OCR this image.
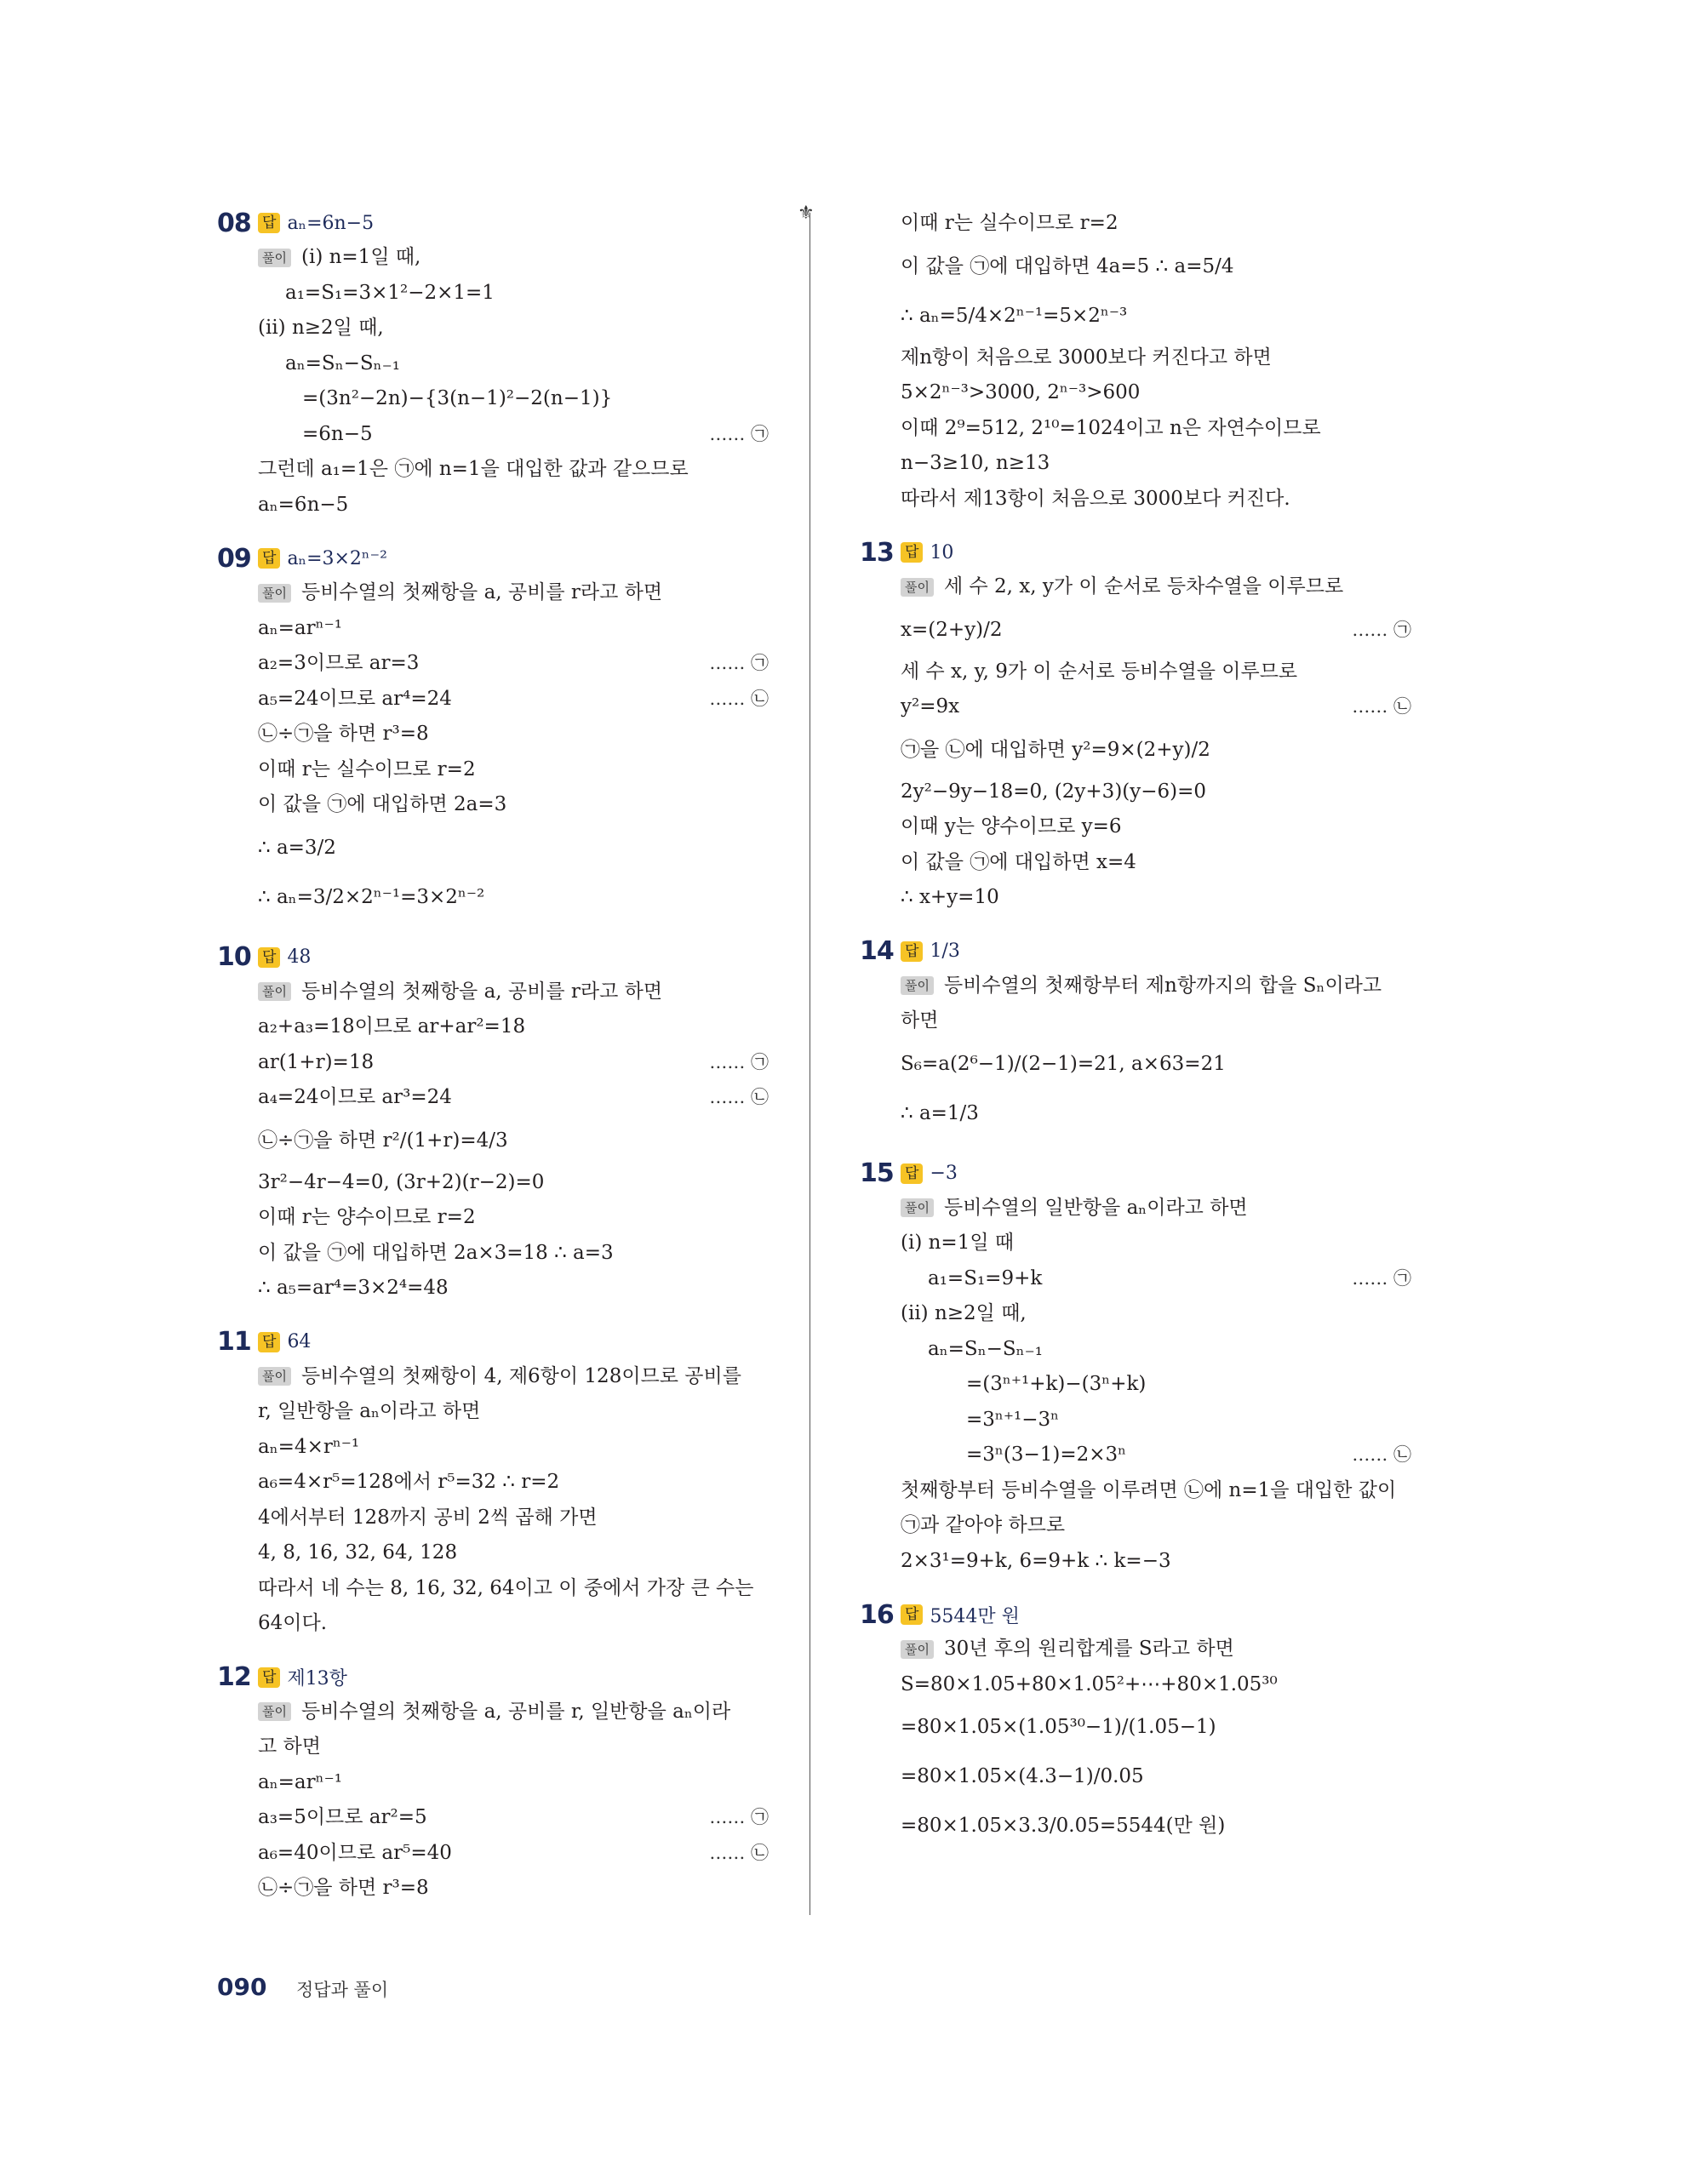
⚜
08 답 aₙ=6n−5
풀이 (ⅰ) n=1일 때,
a₁=S₁=3×1²−2×1=1
(ⅱ) n≥2일 때,
aₙ=Sₙ−Sₙ₋₁
=(3n²−2n)−{3(n−1)²−2(n−1)}
=6n−5	…… ㉠
그런데 a₁=1은 ㉠에 n=1을 대입한 값과 같으므로
aₙ=6n−5
09 답 aₙ=3×2ⁿ⁻²
풀이 등비수열의 첫째항을 a, 공비를 r라고 하면
aₙ=arⁿ⁻¹
a₂=3이므로 ar=3	…… ㉠
a₅=24이므로 ar⁴=24	…… ㉡
㉡÷㉠을 하면 r³=8
이때 r는 실수이므로 r=2
이 값을 ㉠에 대입하면 2a=3
∴ a=3/2
∴ aₙ=3/2×2ⁿ⁻¹=3×2ⁿ⁻²
10 답 48
풀이 등비수열의 첫째항을 a, 공비를 r라고 하면
a₂+a₃=18이므로 ar+ar²=18
ar(1+r)=18	…… ㉠
a₄=24이므로 ar³=24	…… ㉡
㉡÷㉠을 하면 r²/(1+r)=4/3
3r²−4r−4=0, (3r+2)(r−2)=0
이때 r는 양수이므로 r=2
이 값을 ㉠에 대입하면 2a×3=18 ∴ a=3
∴ a₅=ar⁴=3×2⁴=48
11 답 64
풀이 등비수열의 첫째항이 4, 제6항이 128이므로 공비를
r, 일반항을 aₙ이라고 하면
aₙ=4×rⁿ⁻¹
a₆=4×r⁵=128에서 r⁵=32 ∴ r=2
4에서부터 128까지 공비 2씩 곱해 가면
4, 8, 16, 32, 64, 128
따라서 네 수는 8, 16, 32, 64이고 이 중에서 가장 큰 수는
64이다.
12 답 제13항
풀이 등비수열의 첫째항을 a, 공비를 r, 일반항을 aₙ이라
고 하면
aₙ=arⁿ⁻¹
a₃=5이므로 ar²=5	…… ㉠
a₆=40이므로 ar⁵=40	…… ㉡
㉡÷㉠을 하면 r³=8
이때 r는 실수이므로 r=2
이 값을 ㉠에 대입하면 4a=5 ∴ a=5/4
∴ aₙ=5/4×2ⁿ⁻¹=5×2ⁿ⁻³
제n항이 처음으로 3000보다 커진다고 하면
5×2ⁿ⁻³>3000, 2ⁿ⁻³>600
이때 2⁹=512, 2¹⁰=1024이고 n은 자연수이므로
n−3≥10, n≥13
따라서 제13항이 처음으로 3000보다 커진다.
13 답 10
풀이 세 수 2, x, y가 이 순서로 등차수열을 이루므로
x=(2+y)/2	…… ㉠
세 수 x, y, 9가 이 순서로 등비수열을 이루므로
y²=9x	…… ㉡
㉠을 ㉡에 대입하면 y²=9×(2+y)/2
2y²−9y−18=0, (2y+3)(y−6)=0
이때 y는 양수이므로 y=6
이 값을 ㉠에 대입하면 x=4
∴ x+y=10
14 답 1/3
풀이 등비수열의 첫째항부터 제n항까지의 합을 Sₙ이라고
하면
S₆=a(2⁶−1)/(2−1)=21, a×63=21
∴ a=1/3
15 답 −3
풀이 등비수열의 일반항을 aₙ이라고 하면
(ⅰ) n=1일 때
a₁=S₁=9+k	…… ㉠
(ⅱ) n≥2일 때,
aₙ=Sₙ−Sₙ₋₁
=(3ⁿ⁺¹+k)−(3ⁿ+k)
=3ⁿ⁺¹−3ⁿ
=3ⁿ(3−1)=2×3ⁿ	…… ㉡
첫째항부터 등비수열을 이루려면 ㉡에 n=1을 대입한 값이
㉠과 같아야 하므로
2×3¹=9+k, 6=9+k ∴ k=−3
16 답 5544만 원
풀이 30년 후의 원리합계를 S라고 하면
S=80×1.05+80×1.05²+⋯+80×1.05³⁰
=80×1.05×(1.05³⁰−1)/(1.05−1)
=80×1.05×(4.3−1)/0.05
=80×1.05×3.3/0.05=5544(만 원)
090 정답과 풀이
